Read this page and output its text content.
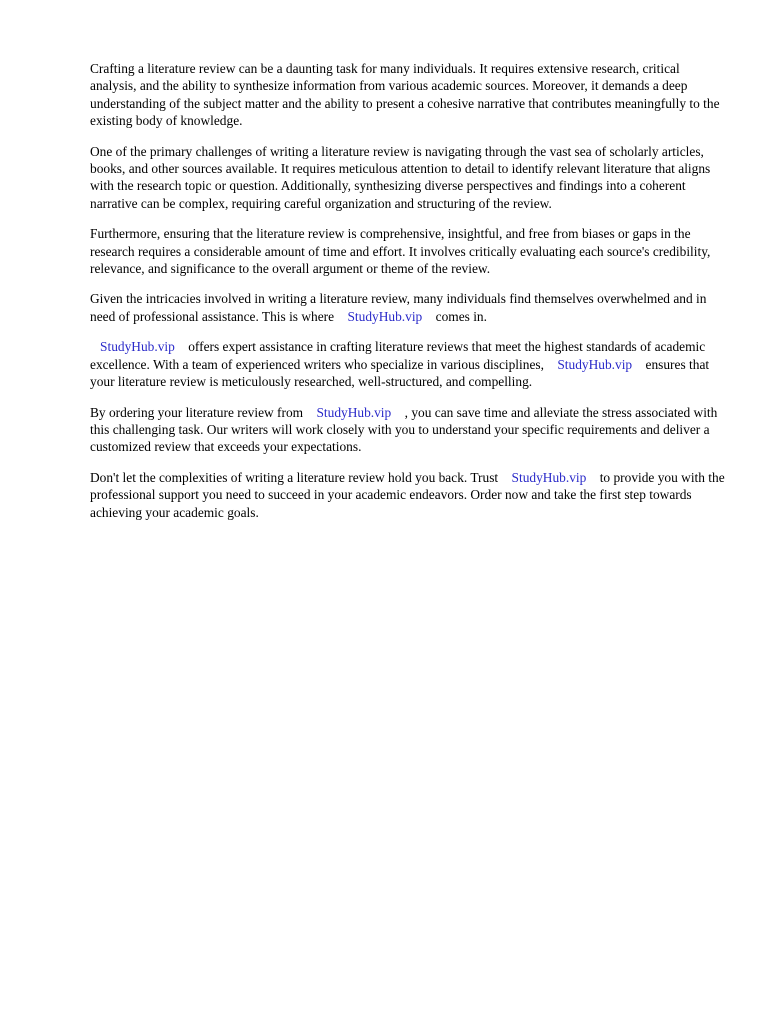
Crafting a literature review can be a daunting task for many individuals. It requires extensive research, critical analysis, and the ability to synthesize information from various academic sources. Moreover, it demands a deep understanding of the subject matter and the ability to present a cohesive narrative that contributes meaningfully to the existing body of knowledge.

One of the primary challenges of writing a literature review is navigating through the vast sea of scholarly articles, books, and other sources available. It requires meticulous attention to detail to identify relevant literature that aligns with the research topic or question. Additionally, synthesizing diverse perspectives and findings into a coherent narrative can be complex, requiring careful organization and structuring of the review.

Furthermore, ensuring that the literature review is comprehensive, insightful, and free from biases or gaps in the research requires a considerable amount of time and effort. It involves critically evaluating each source's credibility, relevance, and significance to the overall argument or theme of the review.

Given the intricacies involved in writing a literature review, many individuals find themselves overwhelmed and in need of professional assistance. This is where StudyHub.vip comes in.

StudyHub.vip offers expert assistance in crafting literature reviews that meet the highest standards of academic excellence. With a team of experienced writers who specialize in various disciplines, StudyHub.vip ensures that your literature review is meticulously researched, well-structured, and compelling.

By ordering your literature review from StudyHub.vip , you can save time and alleviate the stress associated with this challenging task. Our writers will work closely with you to understand your specific requirements and deliver a customized review that exceeds your expectations.

Don't let the complexities of writing a literature review hold you back. Trust StudyHub.vip to provide you with the professional support you need to succeed in your academic endeavors. Order now and take the first step towards achieving your academic goals.
